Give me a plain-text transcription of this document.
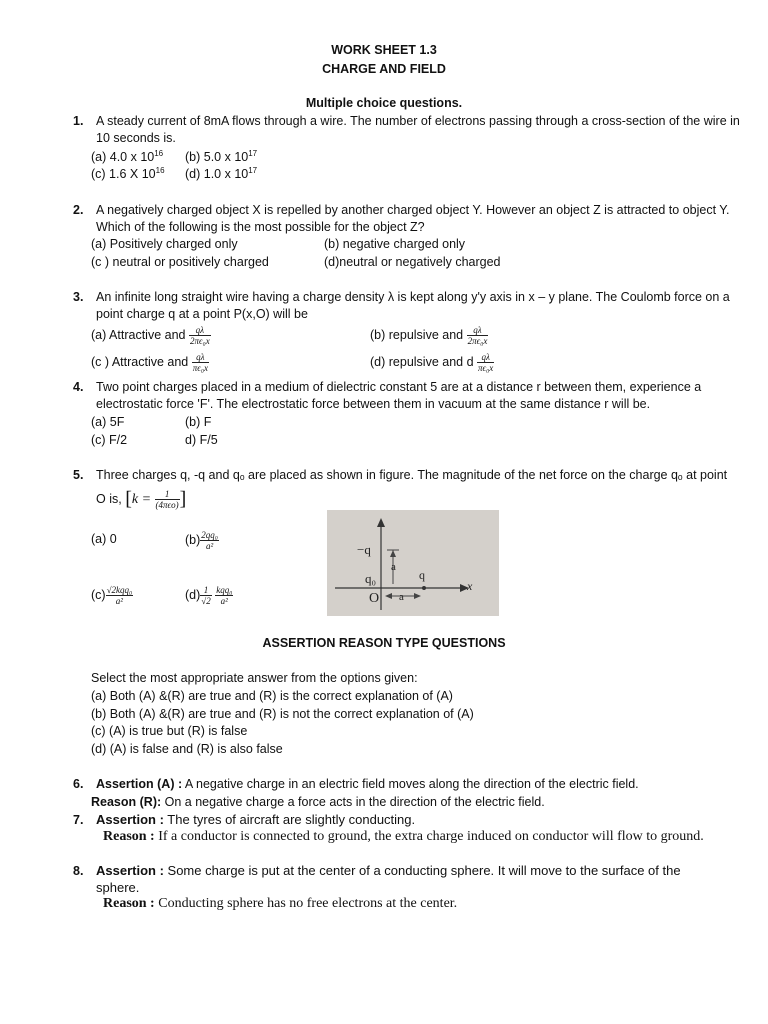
WORK SHEET 1.3
CHARGE AND FIELD
Multiple choice questions.
1. A steady current of 8mA flows through a wire. The number of electrons passing through a cross-section of the wire in 10 seconds is.
(a) 4.0 x $10^{16}$ (b) 5.0 x $10^{17}$
(c) 1.6 X $10^{16}$ (d) 1.0 x $10^{17}$
2. A negatively charged object X is repelled by another charged object Y. However an object Z is attracted to object Y. Which of the following is the most possible for the object Z?
(a) Positively charged only	(b) negative charged only
(c ) neutral or positively charged	(d)neutral or negatively charged
3. An infinite long straight wire having a charge density λ is kept along y'y axis in x – y plane. The Coulomb force on a point charge q at a point P(x,O) will be
(a) Attractive and $\frac{q\lambda}{\text{2πϵ₀x}}$	(b) repulsive and $\frac{q\lambda}{\text{2πϵ₀x}}$
(c ) Attractive and $\frac{q\lambda}{\text{πϵ₀x}}$	(d) repulsive and d $\frac{q\lambda}{\text{πϵ₀x}}$
4. Two point charges placed in a medium of dielectric constant 5 are at a distance r between them, experience a electrostatic force 'F'. The electrostatic force between them in vacuum at the same distance r will be.
(a) 5F	(b) F
(c) F/2	d) F/5
5. Three charges q, -q and qₒ are placed as shown in figure. The magnitude of the net force on the charge qₒ at point
O is, [$k = \frac{1}{\text{(4πϵo)}}$ ]
(a) 0	$(b) \frac{\text{2qq₀}}{\text{a²}}$
$(c) \frac{\text{√2kqq₀}}{\text{a²}}$	$(d) \frac{1}{√2}$
$\frac{\text{kqq₀}}{\text{a²}}$
−q
a
q₀	q
x
O a
ASSERTION REASON TYPE QUESTIONS
Select the most appropriate answer from the options given:
(a) Both (A) &(R) are true and (R) is the correct explanation of (A)
(b) Both (A) &(R) are true and (R) is not the correct explanation of (A)
(c) (A) is true but (R) is false
(d) (A) is false and (R) is also false
6. Assertion (A) : A negative charge in an electric field moves along the direction of the electric field.
Reason (R): On a negative charge a force acts in the direction of the electric field.
7. Assertion : The tyres of aircraft are slightly conducting.
Reason : If a conductor is connected to ground, the extra charge induced on conductor will flow to ground.
8. Assertion : Some charge is put at the center of a conducting sphere. It will move to the surface of the sphere.
Reason : Conducting sphere has no free electrons at the center.
